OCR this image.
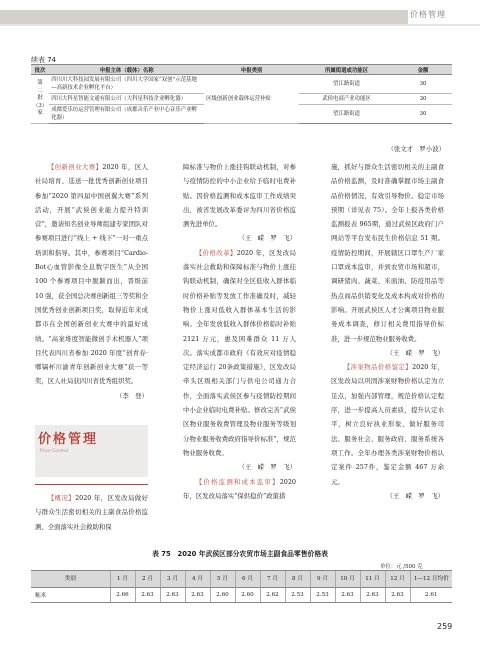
价格管理
续表 74
批次	申报主体（载体）名称	申报类别	所属街道或功能区	金额
第
二
批
（3）
家	四川川大科技园发展有限公司（四川大学国家“双创”示范基地—高新技术企业孵化平台）	区级创新创业载体运营补贴	望江路街道	30
	四川大科星智能文通有限公司（大科星科技企业孵化器）		武侯电商产业功能区	30
	成都爱乐坊运营管理有限公司（成都音乐产业中心音乐产业孵化器）		望江路街道	30
（张文才　罗小波）

【创新创业大赛】2020 年，区人社局培育、选送一批优秀创新创业项目参加“2020 第四届中国创翼大赛”系列活动，开展“武侯创业能力提升特训营”，邀请知名创业导师组建专家团队对参赛项目进行“线上 + 线下”一对一重点培训和指导。其中，参赛项目“Cardio-Bot心血管影像全息数字医生”从全国100 个参赛项目中脱颖而出，晋级前 10 强，获全国总决赛创新组三等奖和全国优秀创业创新项目奖，取得近年来成都市在全国创新创业大赛中的最好成绩。“高案堆度智能微创手术机器人”项目代表四川省参加 2020 年度“创青春·郫镐杯川渝青年创新创业大赛”获一等奖，区人社局获四川省优秀组织奖。

（李　登）

价格管理
Price Control

【概况】2020 年，区发改局做好与群众生活密切相关的主副食品价格监测、全面落实社会救助和保

障标准与物价上涨挂钩联动机制，对参与疫情防控的中小企业给予临时电费补贴。因价格监测和成本监审工作成绩突出，被省发展改革委评为四川省价格监测先进单位。

（王　嵘　罗　飞）

【价格改革】2020 年，区发改局落实社会救助和保障标准与物价上涨挂钩联动机制，确保对全区低收入群体临时价格补贴等发放工作准确及时，减轻物价上涨对低收入群体基本生活的影响。全年发放低收入群体价格临时补贴 2121 万元，惠及困难群众 11 万人次。落实成都市政府《有效应对疫情稳定经济运行 20条政策措施》，区发改局牵头区级相关部门与供电公司通力合作，全面落实武侯区参与疫情防控期间中小企业临时电费补贴。修改完善“武侯区物业服务收费管理及物业服务等级划分物业服务收费政府指导价标准”，规范物业服务收费。

（王　嵘　罗　飞）

【价格监测和成本监审】2020 年，区发改局落实“保供稳价”政策措

施，抓好与群众生活密切相关的主副食品价格监测，及时准确掌握市场主副食品价格情况，有效引导物价。稳定市场预期（详见表 75）。全年上报各类价格监测报表 965期，通过武侯区政府门户网站等平台发布民生价格信息 51 期。疫情防控期间，开展辖区口罩生产厂家口罩成本监审，并到农贸市场和超市，调研猪肉、蔬菜、米面油、防疫用品等热点商品供销变化及成本构成对价格的影响。开展武侯区人才公寓项目物业服务成本调查，修订相关费用指导价标准，进一步规范物业服务收费。

（王　嵘　罗　飞）

【涉案物品价格鉴定】2020 年，区发改局以巩固涉案财物价格认定为立足点，加强内部管理，规范价格认定程序，进一步提高人员素质，提升认定水平，树立良好执业形象，做好服务司法、服务社会、服务政府、服务系统各项工作。全年办理各类涉案财物价格认定案件 257件，鉴定金额 467 万余元。

（王　嵘　罗　飞）

表 75　2020 年武侯区部分农贸市场主副食品零售价格表
单位：元 /500 克
类别	1 月	2 月	3 月	4 月	5 月	6 月	7 月	8 月	9 月	10 月	11 月	12 月	1—12 月均价
籼米	2.66	2.63	2.63	2.63	2.60	2.60	2.62	2.53	2.53	2.63	2.63	2.63	2.61
259
